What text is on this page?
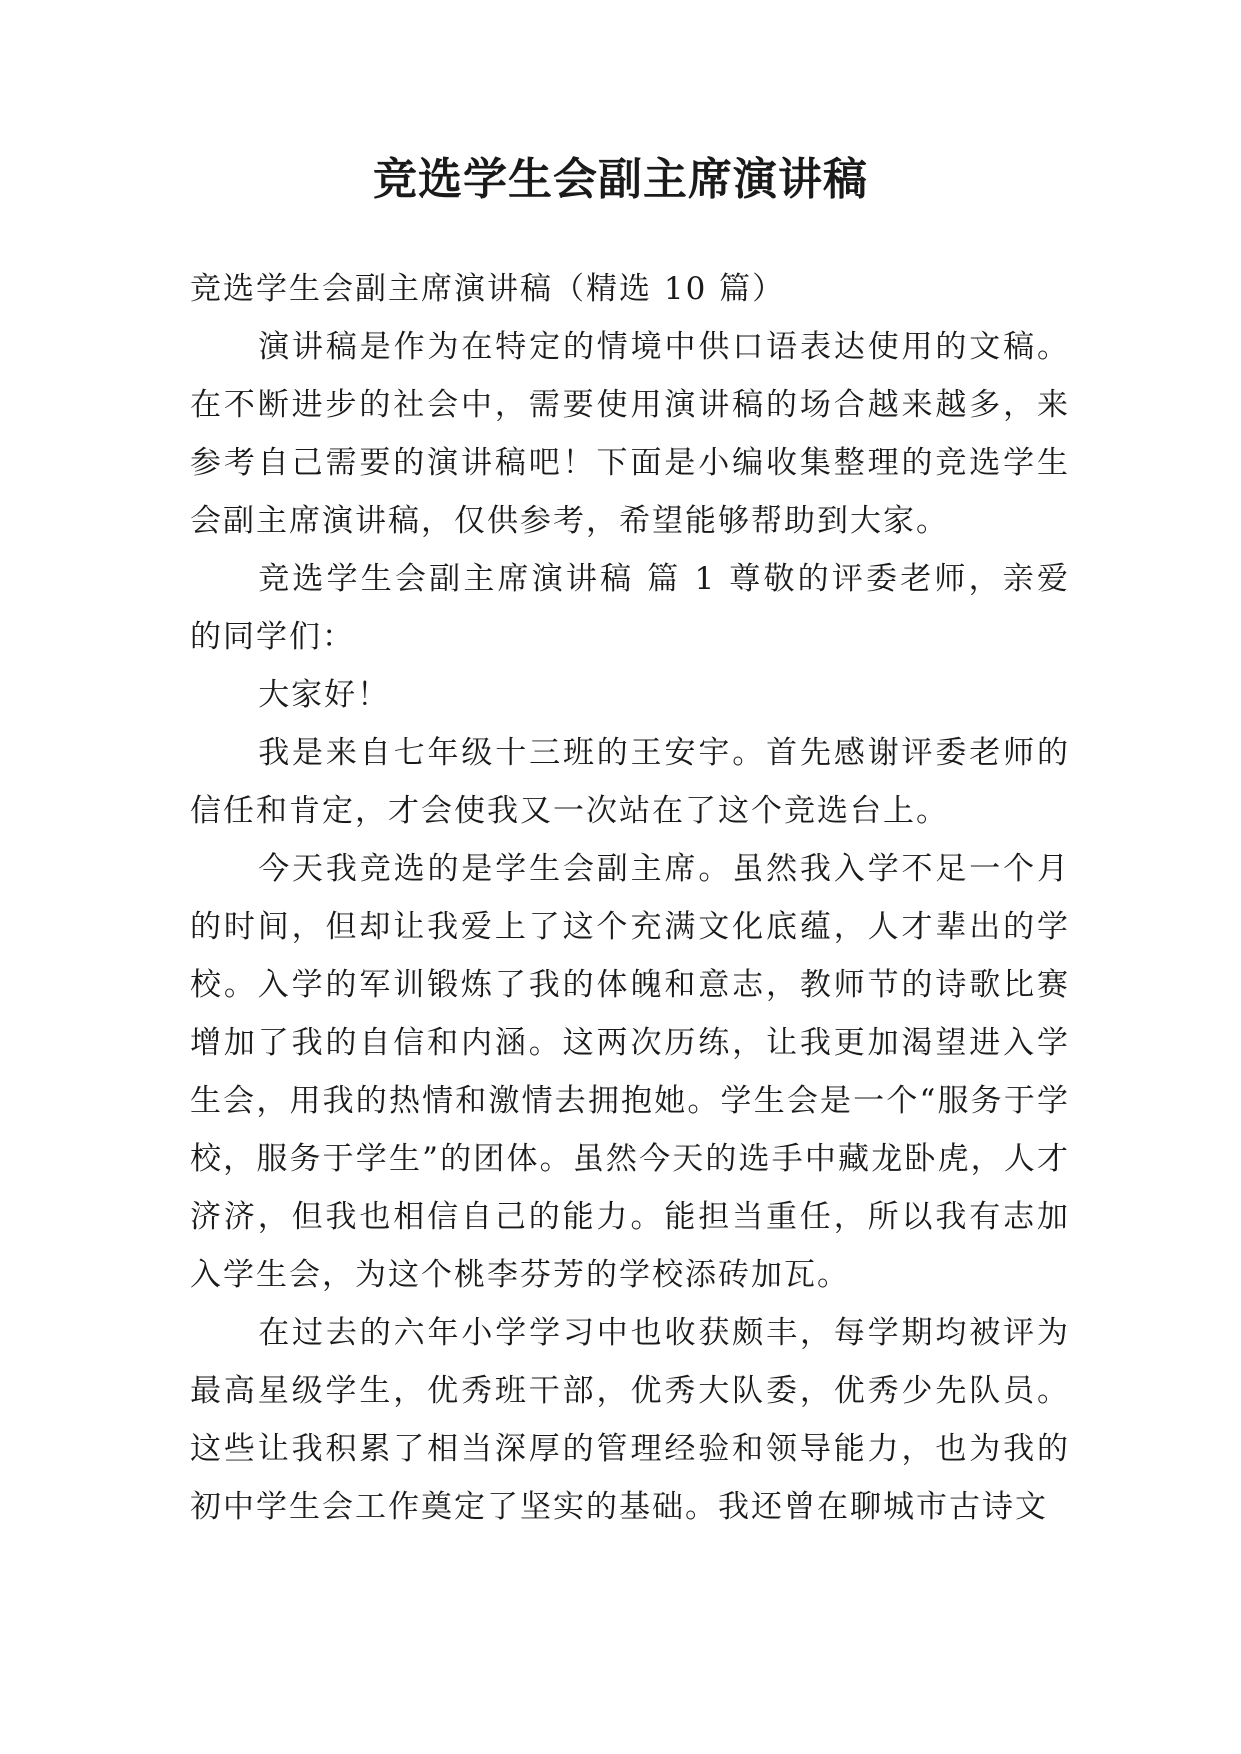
竞选学生会副主席演讲稿

竞选学生会副主席演讲稿（精选 10 篇）

演讲稿是作为在特定的情境中供口语表达使用的文稿。在不断进步的社会中，需要使用演讲稿的场合越来越多，来参考自己需要的演讲稿吧！下面是小编收集整理的竞选学生会副主席演讲稿，仅供参考，希望能够帮助到大家。

竞选学生会副主席演讲稿 篇 1 尊敬的评委老师，亲爱的同学们：

大家好！

我是来自七年级十三班的王安宇。首先感谢评委老师的信任和肯定，才会使我又一次站在了这个竞选台上。

今天我竞选的是学生会副主席。虽然我入学不足一个月的时间，但却让我爱上了这个充满文化底蕴，人才辈出的学校。入学的军训锻炼了我的体魄和意志，教师节的诗歌比赛增加了我的自信和内涵。这两次历练，让我更加渴望进入学生会，用我的热情和激情去拥抱她。学生会是一个“服务于学校，服务于学生”的团体。虽然今天的选手中藏龙卧虎，人才济济，但我也相信自己的能力。能担当重任，所以我有志加入学生会，为这个桃李芬芳的学校添砖加瓦。

在过去的六年小学学习中也收获颇丰，每学期均被评为最高星级学生，优秀班干部，优秀大队委，优秀少先队员。这些让我积累了相当深厚的管理经验和领导能力，也为我的初中学生会工作奠定了坚实的基础。我还曾在聊城市古诗文
